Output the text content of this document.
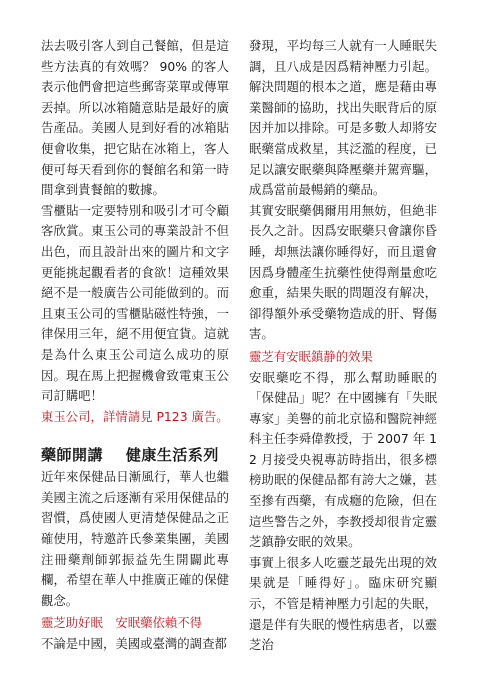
法去吸引客人到自己餐館，但是這些方法真的有效嗎？ 90% 的客人表示他們會把這些郵寄菜單或傳單丟掉。所以冰箱隨意貼是最好的廣告產品。美國人見到好看的冰箱貼便會收集，把它貼在冰箱上，客人便可每天看到你的餐館名和第一時間拿到貴餐館的數據。

雪櫃貼一定要特別和吸引才可令顧客欣賞。東玉公司的專業設計不但出色，而且設計出來的圖片和文字更能挑起觀看者的食欲！這種效果絕不是一般廣告公司能做到的。而且東玉公司的雪櫃貼磁性特強，一律保用三年，絕不用便宜貨。這就是為什么東玉公司這么成功的原因。現在馬上把握機會致電東玉公司訂購吧！

東玉公司，詳情請見 P123 廣告。

藥師開講    健康生活系列

近年來保健品日漸風行，華人也繼美國主流之后逐漸有采用保健品的習慣，爲使國人更清楚保健品之正確使用，特邀許氏參業集團，美國注冊藥劑師郭振益先生開闢此專欄，希望在華人中推廣正確的保健觀念。

靈芝助好眠　安眠藥依賴不得

不論是中國，美國或臺灣的調查都

發現，平均每三人就有一人睡眠失調，且八成是因爲精神壓力引起。解決問題的根本之道，應是藉由專業醫師的協助，找出失眠背后的原因并加以排除。可是多數人却將安眠藥當成救星，其泛濫的程度，已足以讓安眠藥與降壓藥并駕齊驅，成爲當前最暢銷的藥品。

其實安眠藥偶爾用用無妨，但絶非長久之計。因爲安眠藥只會讓你昏睡，却無法讓你睡得好，而且還會因爲身體產生抗藥性使得劑量愈吃愈重，結果失眠的問題沒有解决，卻得額外承受藥物造成的肝、腎傷害。

靈芝有安眠鎮静的效果

安眠藥吃不得，那么幫助睡眠的「保健品」呢？在中國擁有「失眠專家」美譽的前北京協和醫院神經科主任李舜偉教授，于 2007 年 12 月接受央視專訪時指出，很多標榜助眠的保健品都有誇大之嫌，甚至摻有西藥，有成癮的危險，但在這些警告之外，李教授却很肯定靈芝鎮静安眠的效果。

事實上很多人吃靈芝最先出現的效果就是「睡得好」。臨床研究顯示，不管是精神壓力引起的失眠，還是伴有失眠的慢性病患者，以靈芝治
